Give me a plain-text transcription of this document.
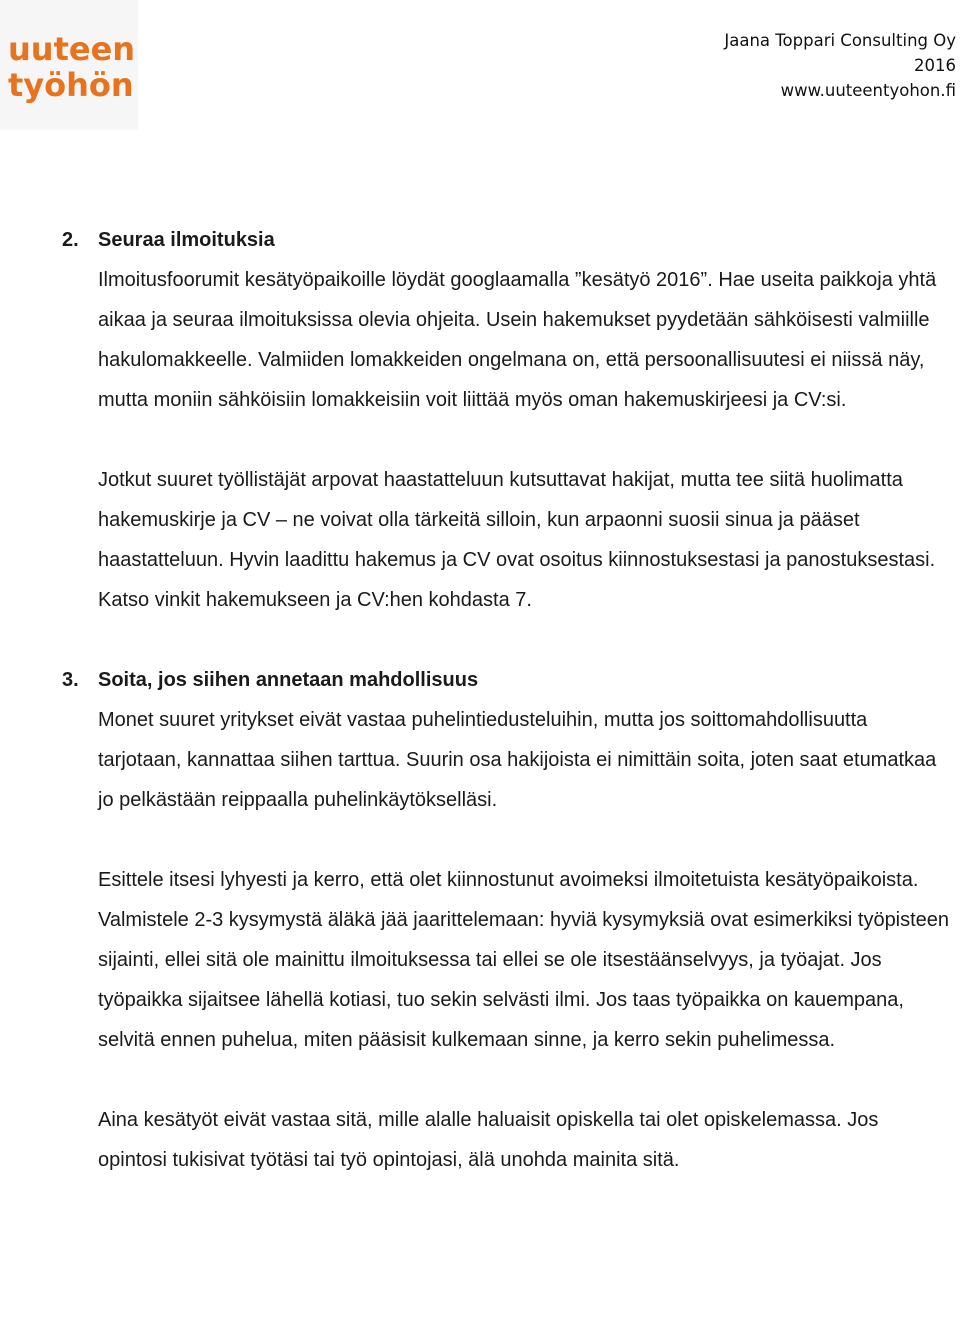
uuteen
työhön
Jaana Toppari Consulting Oy
2016
www.uuteentyohon.fi
2. Seuraa ilmoituksia

Ilmoitusfoorumit kesätyöpaikoille löydät googlaamalla ”kesätyö 2016”. Hae useita paikkoja yhtä aikaa ja seuraa ilmoituksissa olevia ohjeita. Usein hakemukset pyydetään sähköisesti valmiille hakulomakkeelle. Valmiiden lomakkeiden ongelmana on, että persoonallisuutesi ei niissä näy, mutta moniin sähköisiin lomakkeisiin voit liittää myös oman hakemuskirjeesi ja CV:si.

Jotkut suuret työllistäjät arpovat haastatteluun kutsuttavat hakijat, mutta tee siitä huolimatta hakemuskirje ja CV – ne voivat olla tärkeitä silloin, kun arpaonni suosii sinua ja pääset haastatteluun. Hyvin laadittu hakemus ja CV ovat osoitus kiinnostuksestasi ja panostuksestasi. Katso vinkit hakemukseen ja CV:hen kohdasta 7.

3. Soita, jos siihen annetaan mahdollisuus

Monet suuret yritykset eivät vastaa puhelintiedusteluihin, mutta jos soittomahdollisuutta tarjotaan, kannattaa siihen tarttua. Suurin osa hakijoista ei nimittäin soita, joten saat etumatkaa jo pelkästään reippaalla puhelinkäytökselläsi.

Esittele itsesi lyhyesti ja kerro, että olet kiinnostunut avoimeksi ilmoitetuista kesätyöpaikoista. Valmistele 2-3 kysymystä äläkä jää jaarittelemaan: hyviä kysymyksiä ovat esimerkiksi työpisteen sijainti, ellei sitä ole mainittu ilmoituksessa tai ellei se ole itsestäänselvyys, ja työajat. Jos työpaikka sijaitsee lähellä kotiasi, tuo sekin selvästi ilmi. Jos taas työpaikka on kauempana, selvitä ennen puhelua, miten pääsisit kulkemaan sinne, ja kerro sekin puhelimessa.

Aina kesätyöt eivät vastaa sitä, mille alalle haluaisit opiskella tai olet opiskelemassa. Jos opintosi tukisivat työtäsi tai työ opintojasi, älä unohda mainita sitä.
